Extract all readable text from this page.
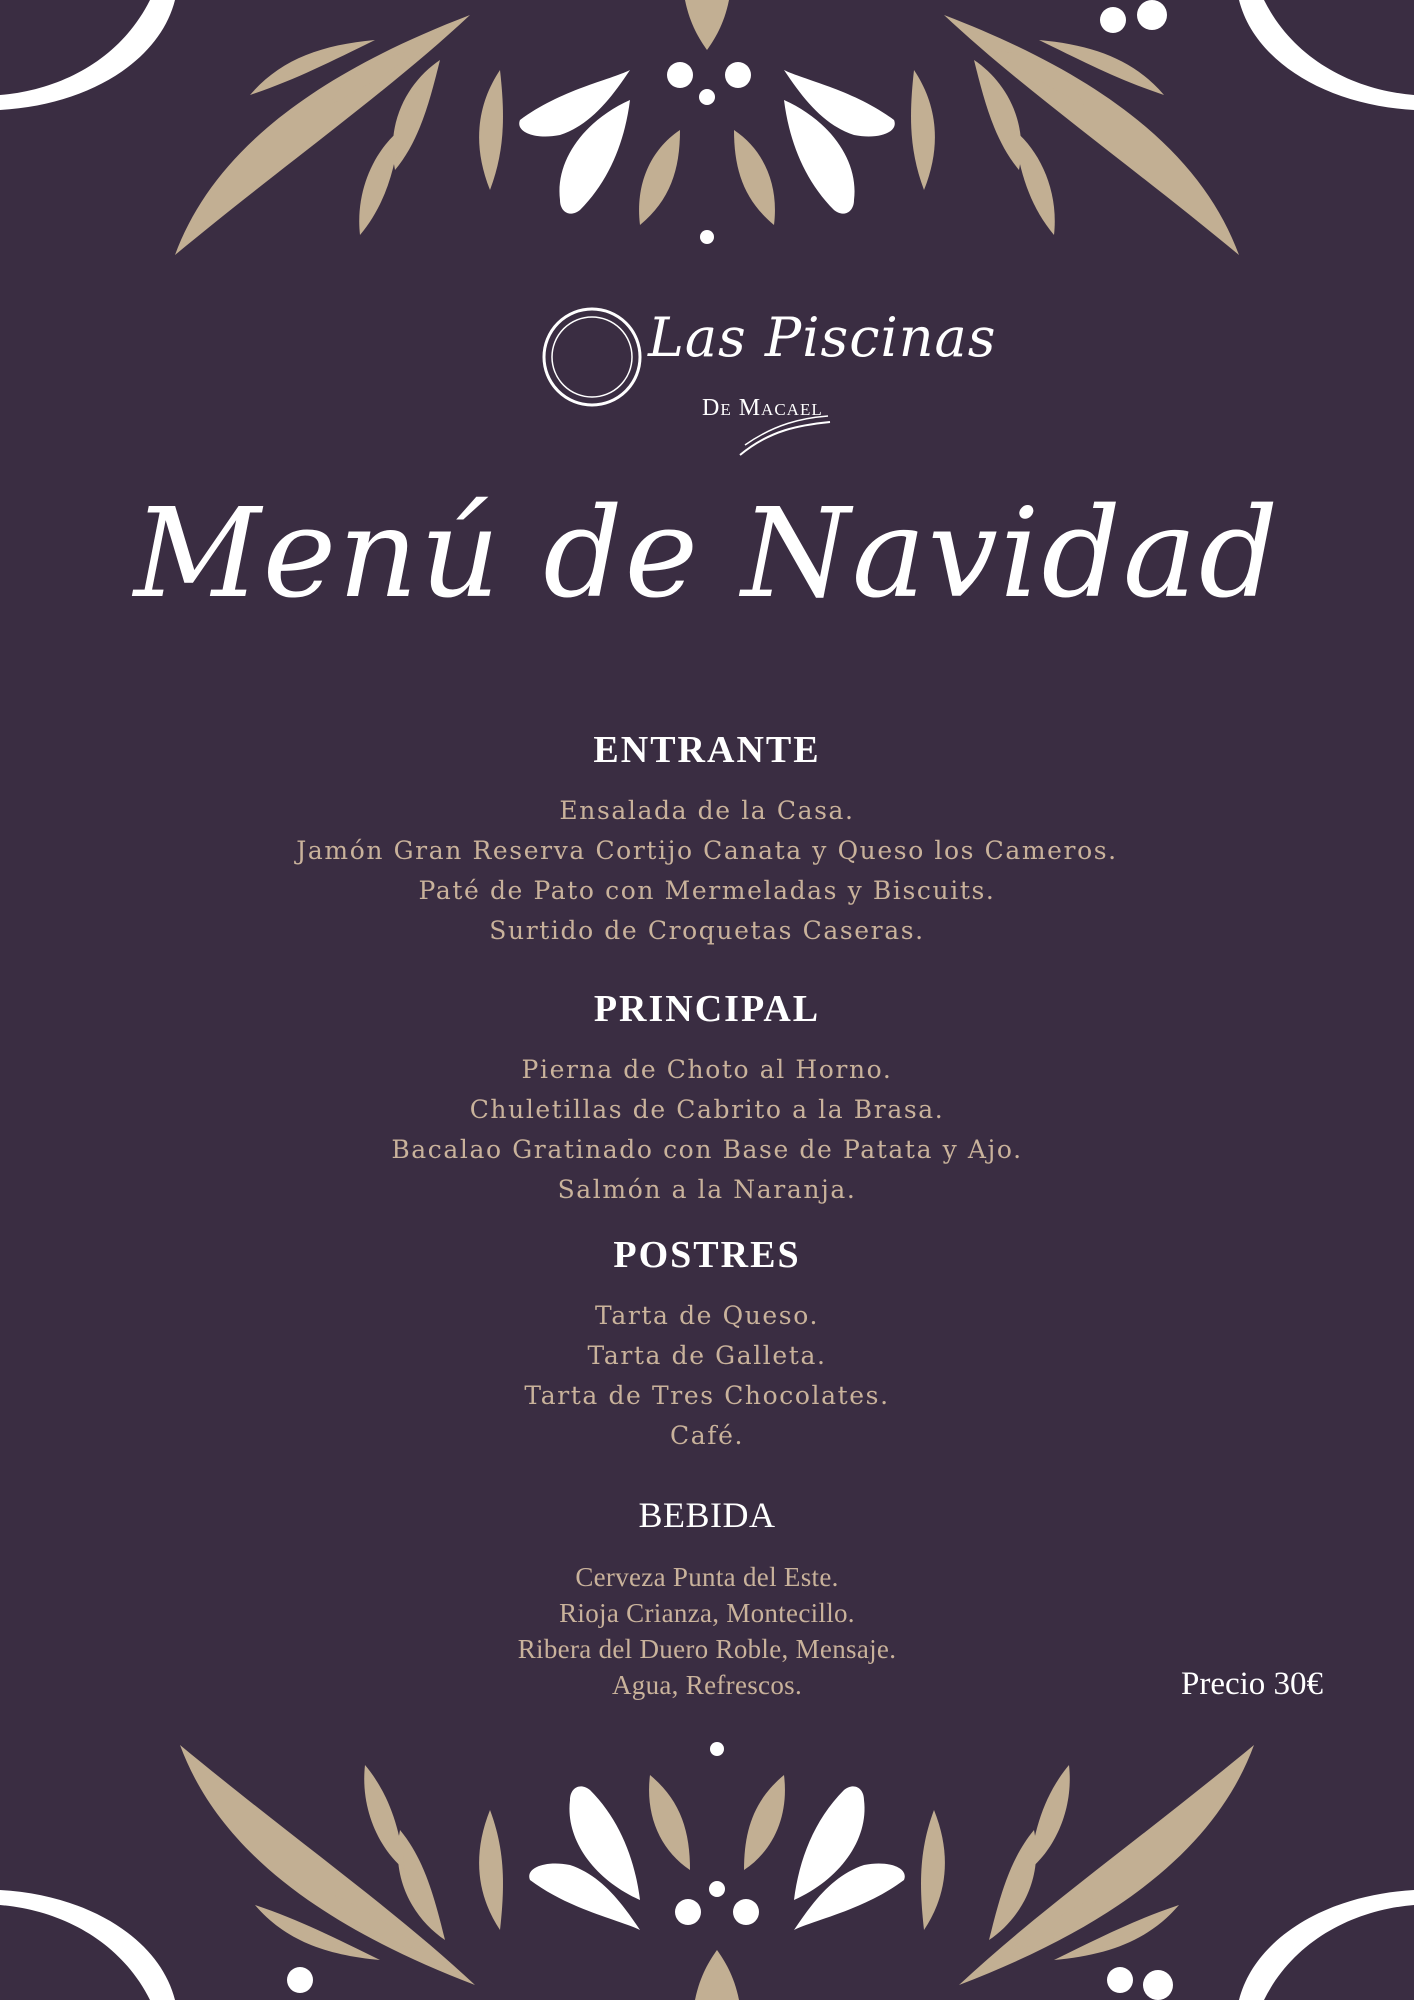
Las Piscinas
De Macael
Menú de Navidad
ENTRANTE
Ensalada de la Casa.
Jamón Gran Reserva Cortijo Canata y Queso los Cameros.
Paté de Pato con Mermeladas y Biscuits.
Surtido de Croquetas Caseras.
PRINCIPAL
Pierna de Choto al Horno.
Chuletillas de Cabrito a la Brasa.
Bacalao Gratinado con Base de Patata y Ajo.
Salmón a la Naranja.
POSTRES
Tarta de Queso.
Tarta de Galleta.
Tarta de Tres Chocolates.
Café.
BEBIDA
Cerveza Punta del Este.
Rioja Crianza, Montecillo.
Ribera del Duero Roble, Mensaje.
Agua, Refrescos.	Precio 30€
